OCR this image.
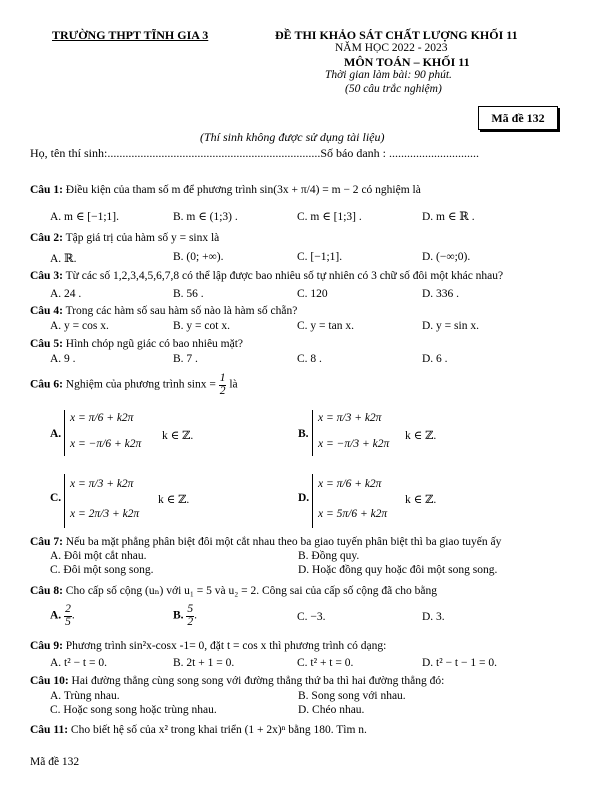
TRƯỜNG THPT TĨNH GIA 3	ĐỀ THI KHẢO SÁT CHẤT LƯỢNG KHỐI 11
NĂM HỌC 2022 - 2023
MÔN TOÁN – KHỐI 11
Thời gian làm bài: 90 phút.
(50 câu trắc nghiệm)
Mã đề 132
(Thí sinh không được sử dụng tài liệu)
Họ, tên thí sinh:.......................................................................Số báo danh : ..............................
Câu 1: Điều kiện của tham số m để phương trình sin(3x + π/4) = m − 2 có nghiệm là
A. m ∈ [−1;1].	B. m ∈ (1;3) .	C. m ∈ [1;3] .	D. m ∈ ℝ .
Câu 2: Tập giá trị của hàm số y = sinx là
A. ℝ.	B. (0; +∞).	C. [−1;1].	D. (−∞;0).
Câu 3: Từ các số 1,2,3,4,5,6,7,8 có thể lập được bao nhiêu số tự nhiên có 3 chữ số đôi một khác nhau?
A. 24 .	B. 56 .	C. 120	D. 336 .
Câu 4: Trong các hàm số sau hàm số nào là hàm số chẵn?
A. y = cos x.	B. y = cot x.	C. y = tan x.	D. y = sin x.
Câu 5: Hình chóp ngũ giác có bao nhiêu mặt?
A. 9 .	B. 7 .	C. 8 .	D. 6 .
Câu 6: Nghiệm của phương trình $\sin x = \frac{1}{2}$ là
A.
x = π/6 + k2π
x = −π/6 + k2π
k ∈ ℤ.	B.
x = π/3 + k2π
x = −π/3 + k2π
k ∈ ℤ.
C.
x = π/3 + k2π
x = 2π/3 + k2π
k ∈ ℤ.	D.
x = π/6 + k2π
x = 5π/6 + k2π
k ∈ ℤ.
Câu 7: Nếu ba mặt phẳng phân biệt đôi một cắt nhau theo ba giao tuyến phân biệt thì ba giao tuyến ấy
A. Đôi một cắt nhau.	B. Đồng quy.
C. Đôi một song song.	D. Hoặc đồng quy hoặc đôi một song song.
Câu 8: Cho cấp số cộng (uₙ) với u₁ = 5 và u₂ = 2. Công sai của cấp số cộng đã cho bằng
A. $\frac{2}{5}$ .	B. $\frac{5}{2}$ .	C. −3.	D. 3.
Câu 9: Phương trình sin²x-cosx -1= 0, đặt t = cos x thì phương trình có dạng:
A. t² − t = 0.	B. 2t + 1 = 0.	C. t² + t = 0.	D. t² − t − 1 = 0.
Câu 10: Hai đường thẳng cùng song song với đường thẳng thứ ba thì hai đường thẳng đó:
A. Trùng nhau.	B. Song song với nhau.
C. Hoặc song song hoặc trùng nhau.	D. Chéo nhau.
Câu 11: Cho biết hệ số của x² trong khai triển (1 + 2x)ⁿ bằng 180. Tìm n.
Mã đề 132
